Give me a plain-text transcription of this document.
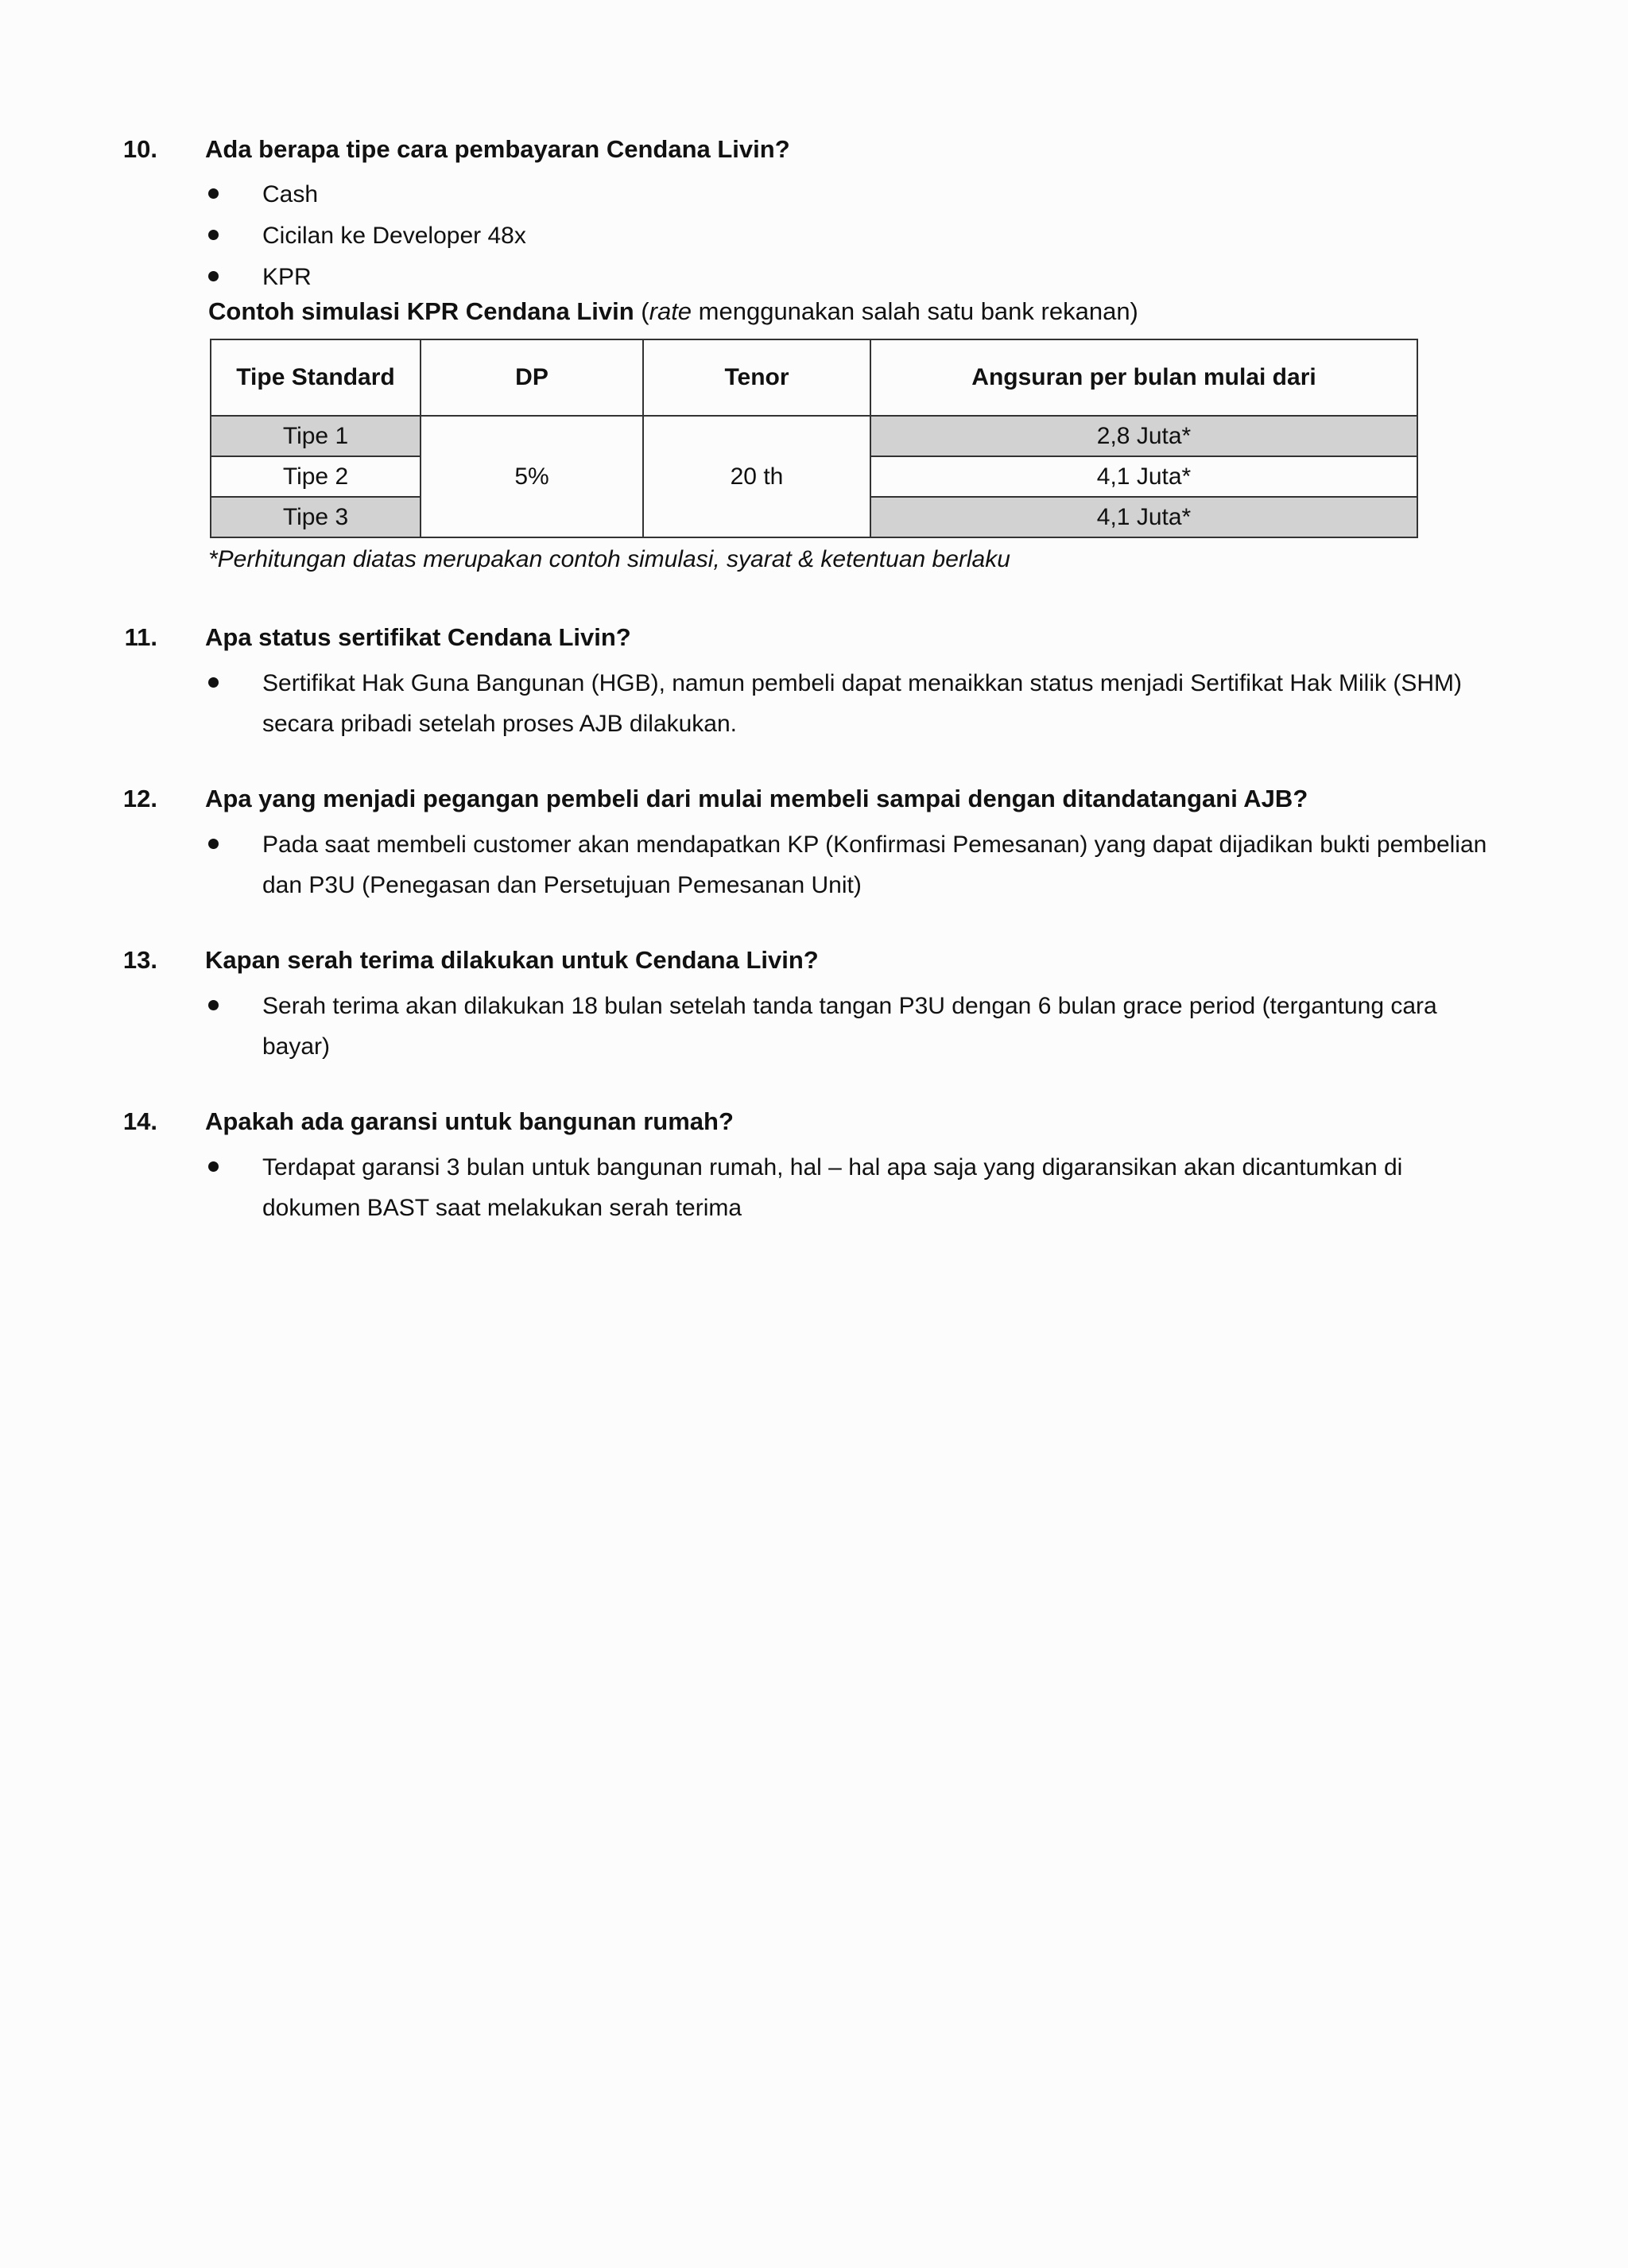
10. Ada berapa tipe cara pembayaran Cendana Livin?
Cash
Cicilan ke Developer 48x
KPR
Contoh simulasi KPR Cendana Livin (rate menggunakan salah satu bank rekanan)
Tipe Standard	DP	Tenor	Angsuran per bulan mulai dari
Tipe 1	5%	20 th	2,8 Juta*
Tipe 2			4,1 Juta*
Tipe 3			4,1 Juta*
*Perhitungan diatas merupakan contoh simulasi, syarat & ketentuan berlaku
11. Apa status sertifikat Cendana Livin?
Sertifikat Hak Guna Bangunan (HGB), namun pembeli dapat menaikkan status menjadi Sertifikat Hak Milik (SHM) secara pribadi setelah proses AJB dilakukan.
12. Apa yang menjadi pegangan pembeli dari mulai membeli sampai dengan ditandatangani AJB?
Pada saat membeli customer akan mendapatkan KP (Konfirmasi Pemesanan) yang dapat dijadikan bukti pembelian dan P3U (Penegasan dan Persetujuan Pemesanan Unit)
13. Kapan serah terima dilakukan untuk Cendana Livin?
Serah terima akan dilakukan 18 bulan setelah tanda tangan P3U dengan 6 bulan grace period (tergantung cara bayar)
14. Apakah ada garansi untuk bangunan rumah?
Terdapat garansi 3 bulan untuk bangunan rumah, hal – hal apa saja yang digaransikan akan dicantumkan di dokumen BAST saat melakukan serah terima
